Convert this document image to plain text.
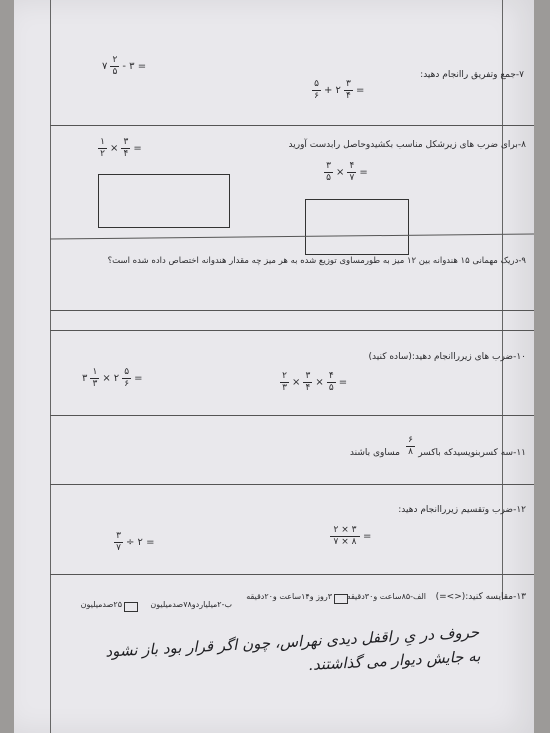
۷ $\frac{۲}{۵}$ - ۳ =
۷-جمع وتفریق راانجام دهید:
$\frac{۵}{۶}$ + ۲ $\frac{۳}{۴}$ =
۸-برای ضرب های زیرشکل مناسب بکشیدوحاصل رابدست آورید
$\frac{۱}{۲} \times \frac{۳}{۴}$ =
$\frac{۳}{۵} \times \frac{۴}{۷}$ =
۹-دریک مهمانی ۱۵ هندوانه بین ۱۲ میز به طورمساوی توزیع شده به هر میز چه مقدار هندوانه اختصاص داده شده است؟
۱۰-ضرب های زیرراانجام دهید:(ساده کنید)
۳ $\frac{۱}{۳}$ × ۲ $\frac{۵}{۶}$ =	$\frac{۲}{۳} \times \frac{۳}{۴} \times \frac{۴}{۵}$ =
۱۱-سه کسربنویسیدکه باکسر
$\frac{۶}{۸}$
مساوی باشند
۱۲-ضرب وتقسیم زیرراانجام دهید:
$\frac{۳}{۷}$ ÷ ۲ =	$\frac{۲ \times ۳}{۷ \times ۸}$ =
۱۳-مقایسه کنید:(<>=)
الف-۸۵ساعت و۳۰دقیقه
۳روز و۱۴ساعت و۲۰دقیقه
ب-۲میلیاردو۷۸صدمیلیون
۲۵صدمیلیون
حروف در یِ راقفل دیدی نهراس، چون اگر قرار بود باز نشود به جایش دیوار می گذاشتند.
